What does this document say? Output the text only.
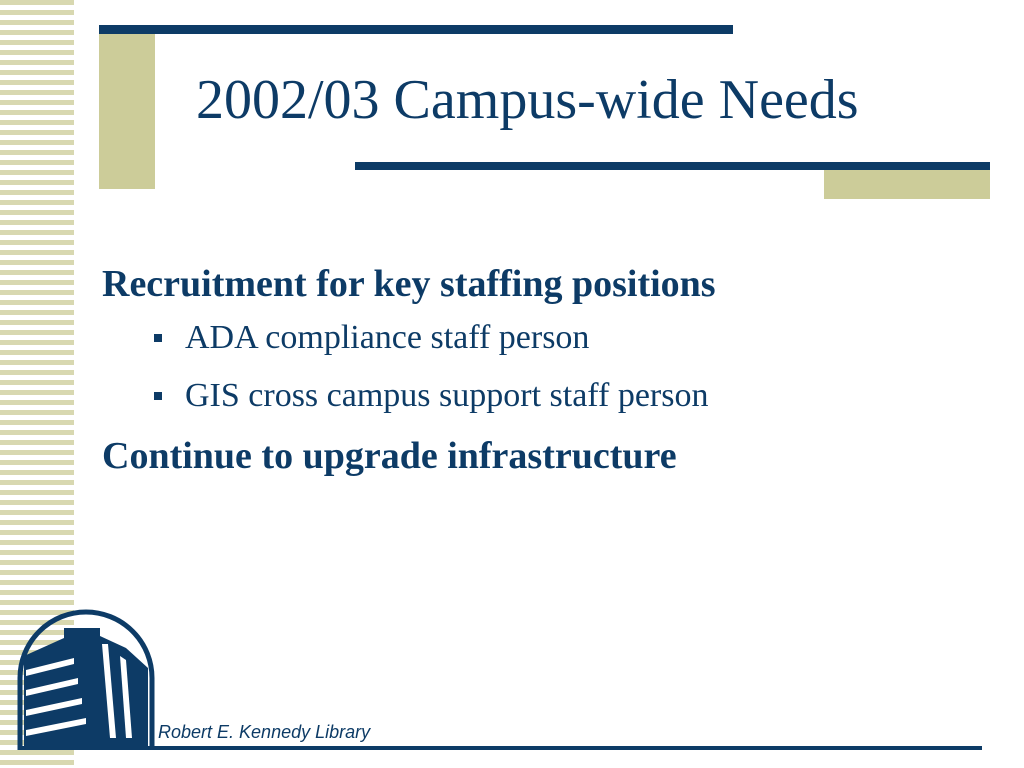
2002/03 Campus-wide Needs

Recruitment for key staffing positions

ADA compliance staff person
GIS cross campus support staff person

Continue to upgrade infrastructure

Robert E. Kennedy Library
